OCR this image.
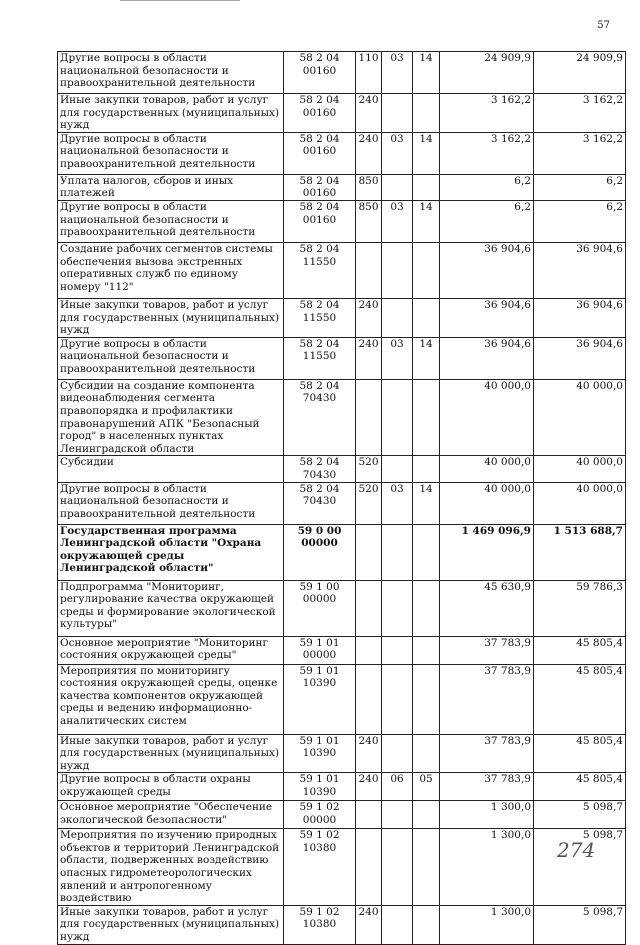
57
Другие вопросы в области национальной безопасности и правоохранительной деятельности	58 2 04 00160	110	03	14	24 909,9	24 909,9
Иные закупки товаров, работ и услуг для государственных (муниципальных) нужд	58 2 04 00160	240			3 162,2	3 162,2
Другие вопросы в области национальной безопасности и правоохранительной деятельности	58 2 04 00160	240	03	14	3 162,2	3 162,2
Уплата налогов, сборов и иных платежей	58 2 04 00160	850			6,2	6,2
Другие вопросы в области национальной безопасности и правоохранительной деятельности	58 2 04 00160	850	03	14	6,2	6,2
Создание рабочих сегментов системы обеспечения вызова экстренных оперативных служб по единому номеру "112"	58 2 04 11550				36 904,6	36 904,6
Иные закупки товаров, работ и услуг для государственных (муниципальных) нужд	58 2 04 11550	240			36 904,6	36 904,6
Другие вопросы в области национальной безопасности и правоохранительной деятельности	58 2 04 11550	240	03	14	36 904,6	36 904,6
Субсидии на создание компонента видеонаблюдения сегмента правопорядка и профилактики правонарушений АПК "Безопасный город" в населенных пунктах Ленинградской области	58 2 04 70430				40 000,0	40 000,0
Субсидии	58 2 04 70430	520			40 000,0	40 000,0
Другие вопросы в области национальной безопасности и правоохранительной деятельности	58 2 04 70430	520	03	14	40 000,0	40 000,0
Государственная программа Ленинградской области "Охрана окружающей среды Ленинградской области"	59 0 00 00000				1 469 096,9	1 513 688,7
Подпрограмма "Мониторинг, регулирование качества окружающей среды и формирование экологической культуры"	59 1 00 00000				45 630,9	59 786,3
Основное мероприятие "Мониторинг состояния окружающей среды"	59 1 01 00000				37 783,9	45 805,4
Мероприятия по мониторингу состояния окружающей среды, оценке качества компонентов окружающей среды и ведению информационно-аналитических систем	59 1 01 10390				37 783,9	45 805,4
Иные закупки товаров, работ и услуг для государственных (муниципальных) нужд	59 1 01 10390	240			37 783,9	45 805,4
Другие вопросы в области охраны окружающей среды	59 1 01 10390	240	06	05	37 783,9	45 805,4
Основное мероприятие "Обеспечение экологической безопасности"	59 1 02 00000				1 300,0	5 098,7
Мероприятия по изучению природных объектов и территорий Ленинградской области, подверженных воздействию опасных гидрометеорологических явлений и антропогенному воздействию	59 1 02 10380				1 300,0	5 098,7
Иные закупки товаров, работ и услуг для государственных (муниципальных) нужд	59 1 02 10380	240			1 300,0	5 098,7
274
